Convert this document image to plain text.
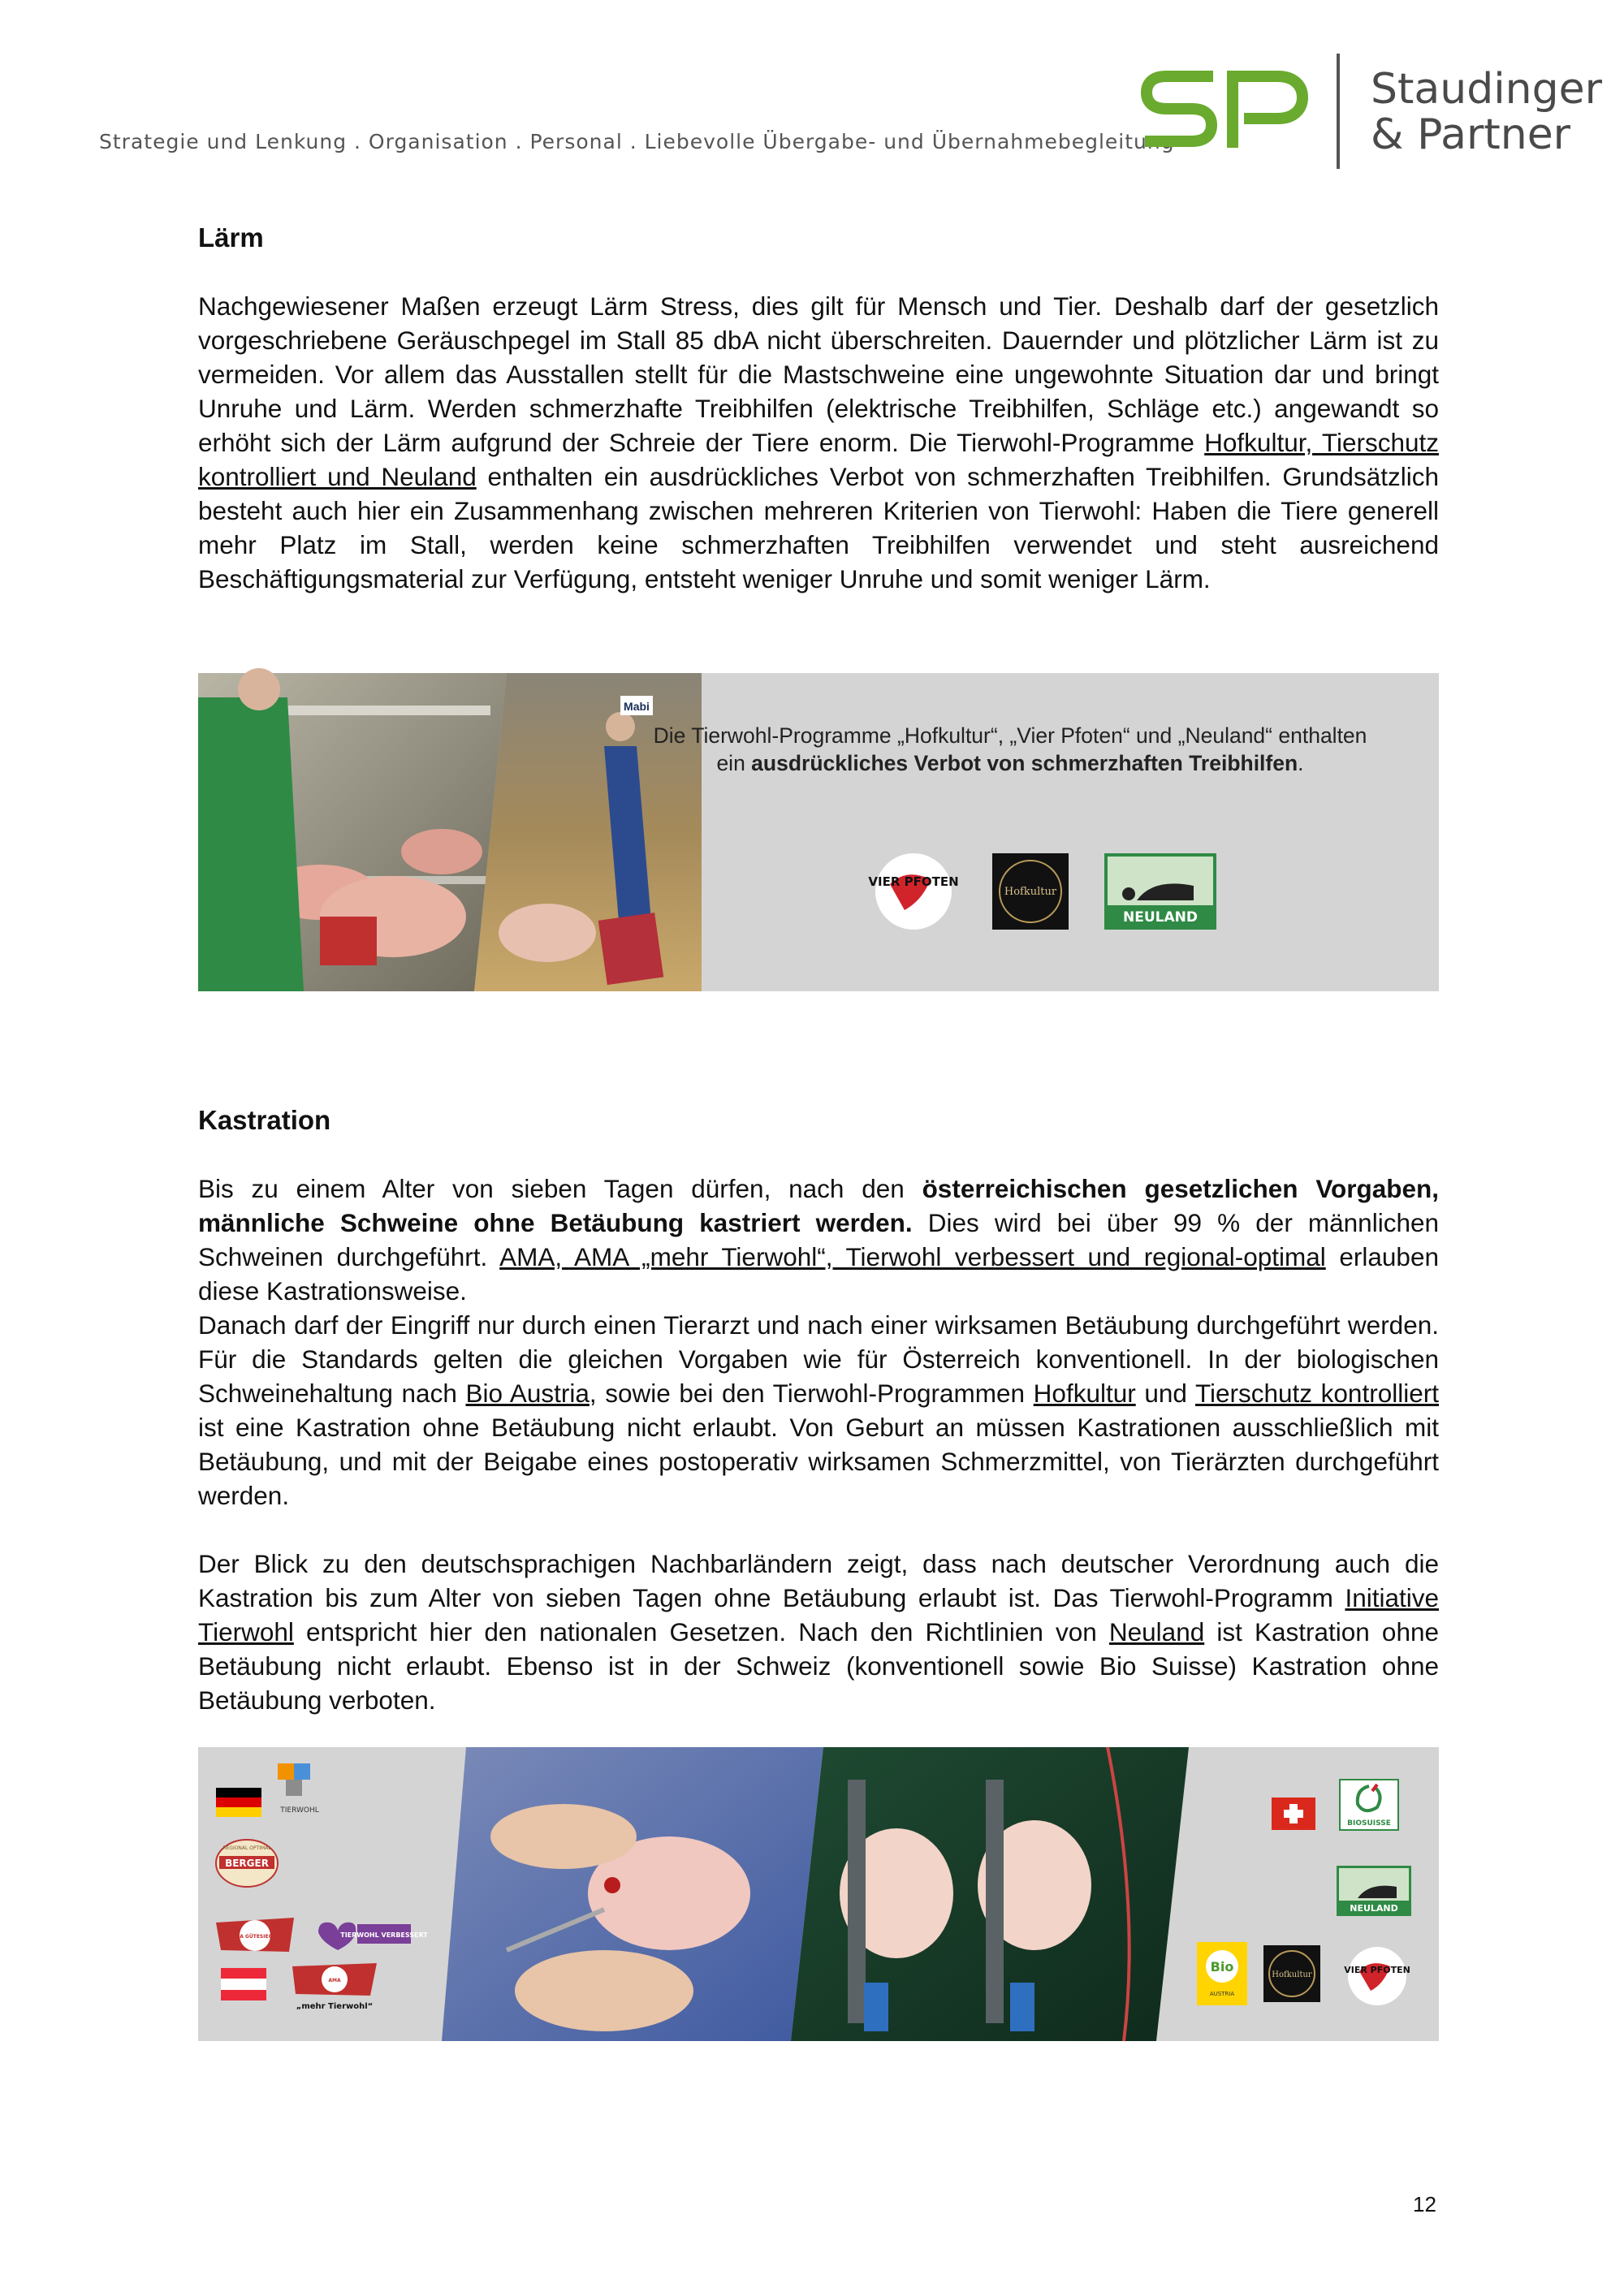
Strategie und Lenkung . Organisation . Personal . Liebevolle Übergabe- und Übernahmebegleitung
Staudinger
& Partner
Lärm

Nachgewiesener Maßen erzeugt Lärm Stress, dies gilt für Mensch und Tier. Deshalb darf der gesetzlich vorgeschriebene Geräuschpegel im Stall 85 dbA nicht überschreiten. Dauernder und plötzlicher Lärm ist zu vermeiden. Vor allem das Ausstallen stellt für die Mastschweine eine ungewohnte Situation dar und bringt Unruhe und Lärm. Werden schmerzhafte Treibhilfen (elektrische Treibhilfen, Schläge etc.) angewandt so erhöht sich der Lärm aufgrund der Schreie der Tiere enorm. Die Tierwohl-Programme Hofkultur, Tierschutz kontrolliert und Neuland enthalten ein ausdrückliches Verbot von schmerzhaften Treibhilfen. Grundsätzlich besteht auch hier ein Zusammenhang zwischen mehreren Kriterien von Tierwohl: Haben die Tiere generell mehr Platz im Stall, werden keine schmerzhaften Treibhilfen verwendet und steht ausreichend Beschäftigungsmaterial zur Verfügung, entsteht weniger Unruhe und somit weniger Lärm.

Mabi
Die Tierwohl-Programme „Hofkultur“, „Vier Pfoten“ und „Neuland“ enthalten ein ausdrückliches Verbot von schmerzhaften Treibhilfen.
VIER PFOTEN
Hofkultur
NEULAND
Kastration

Bis zu einem Alter von sieben Tagen dürfen, nach den österreichischen gesetzlichen Vorgaben, männliche Schweine ohne Betäubung kastriert werden. Dies wird bei über 99 % der männlichen Schweinen durchgeführt. AMA, AMA „mehr Tierwohl“, Tierwohl verbessert und regional-optimal erlauben diese Kastrationsweise.

Danach darf der Eingriff nur durch einen Tierarzt und nach einer wirksamen Betäubung durchgeführt werden. Für die Standards gelten die gleichen Vorgaben wie für Österreich konventionell. In der biologischen Schweinehaltung nach Bio Austria, sowie bei den Tierwohl-Programmen Hofkultur und Tierschutz kontrolliert ist eine Kastration ohne Betäubung nicht erlaubt. Von Geburt an müssen Kastrationen ausschließlich mit Betäubung, und mit der Beigabe eines postoperativ wirksamen Schmerzmittel, von Tierärzten durchgeführt werden.

Der Blick zu den deutschsprachigen Nachbarländern zeigt, dass nach deutscher Verordnung auch die Kastration bis zum Alter von sieben Tagen ohne Betäubung erlaubt ist. Das Tierwohl-Programm Initiative Tierwohl entspricht hier den nationalen Gesetzen. Nach den Richtlinien von Neuland ist Kastration ohne Betäubung nicht erlaubt. Ebenso ist in der Schweiz (konventionell sowie Bio Suisse) Kastration ohne Betäubung verboten.

TIERWOHL
BERGER
REGIONAL OPTIMAL
AMA GÜTESIEGEL	TIERWOHL VERBESSERT
AMA
„mehr Tierwohl“
BIOSUISSE
NEULAND
Bio
AUSTRIA
Hofkultur	VIER PFOTEN
12
